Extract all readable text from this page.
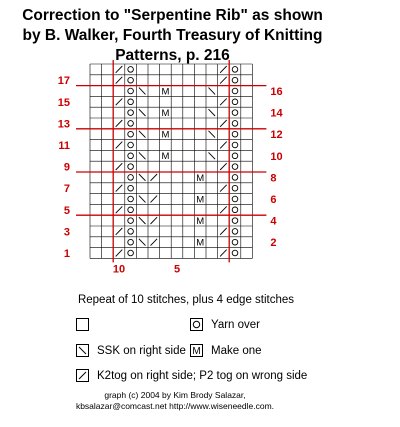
Correction to "Serpentine Rib" as shown
by B. Walker, Fourth Treasury of Knitting
Patterns, p. 216
M
M
M
M
M
M
M
M
17
15
13
11
9
7
5
3
1
16
14
12
10
8
6
4
2
10	5
Repeat of 10 stitches, plus 4 edge stitches
Yarn over
SSK on right side M Make one
K2tog on right side; P2 tog on wrong side
graph (c) 2004 by Kim Brody Salazar,
kbsalazar@comcast.net http://www.wiseneedle.com.
